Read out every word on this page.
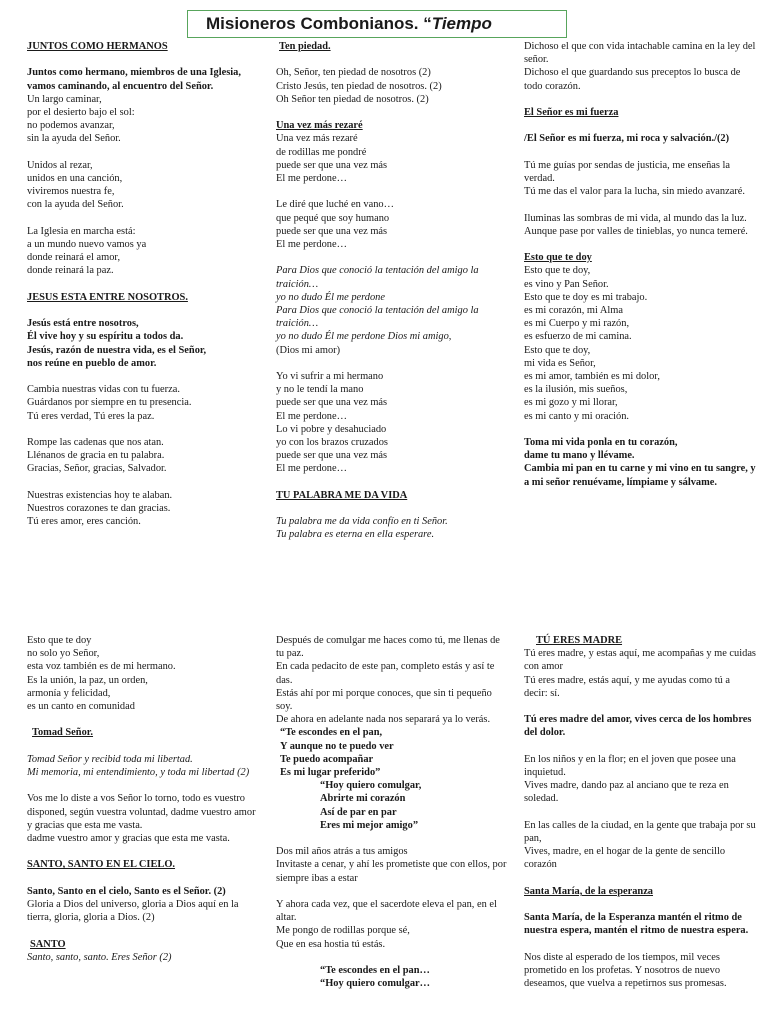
Misioneros Combonianos. “Tiempo

JUNTOS COMO HERMANOS

Juntos como hermano, miembros de una Iglesia, vamos caminando, al encuentro del Señor.

Un largo caminar,
por el desierto bajo el sol:
no podemos avanzar,
sin la ayuda del Señor.

Unidos al rezar,
unidos en una canción,
viviremos nuestra fe,
con la ayuda del Señor.

La Iglesia en marcha está:
a un mundo nuevo vamos ya
donde reinará el amor,
donde reinará la paz.

JESUS ESTA ENTRE NOSOTROS.

Jesús está entre nosotros,
Él vive hoy y su espíritu a todos da.
Jesús, razón de nuestra vida, es el Señor,
nos reúne en pueblo de amor.

Cambia nuestras vidas con tu fuerza.
Guárdanos por siempre en tu presencia.
Tú eres verdad, Tú eres la paz.

Rompe las cadenas que nos atan.
Llénanos de gracia en tu palabra.
Gracias, Señor, gracias, Salvador.

Nuestras existencias hoy te alaban.
Nuestros corazones te dan gracias.
Tú eres amor, eres canción.

Ten piedad.

Oh, Señor, ten piedad de nosotros (2)
Cristo Jesús, ten piedad de nosotros. (2)
Oh Señor ten piedad de nosotros. (2)

Una vez más rezaré

Una vez más rezaré
de rodillas me pondré
puede ser que una vez más
El me perdone…

Le diré que luché en vano…
que pequé que soy humano
puede ser que una vez más
El me perdone…

Para Dios que conoció la tentación del amigo la traición…
yo no dudo Él me perdone
Para Dios que conoció la tentación del amigo la traición…
yo no dudo Él me perdone Dios mi amigo,

(Dios mi amor)

Yo vi sufrir a mi hermano
y no le tendí la mano
puede ser que una vez más
El me perdone…
Lo vi pobre y desahuciado
yo con los brazos cruzados
puede ser que una vez más
El me perdone…

TU PALABRA ME DA VIDA

Tu palabra me da vida confío en ti Señor.
Tu palabra es eterna en ella esperare.

Dichoso el que con vida intachable camina en la ley del señor.
Dichoso el que guardando sus preceptos lo busca de todo corazón.

El Señor es mi fuerza

/El Señor es mi fuerza, mi roca y salvación./(2)

Tú me guías por sendas de justicia, me enseñas la verdad.
Tú me das el valor para la lucha, sin miedo avanzaré.

Iluminas las sombras de mi vida, al mundo das la luz.
Aunque pase por valles de tinieblas, yo nunca temeré.

Esto que te doy

Esto que te doy,
es vino y Pan Señor.
Esto que te doy es mi trabajo.
es mi corazón, mi Alma
es mi Cuerpo y mi razón,
es esfuerzo de mi camina.
Esto que te doy,
mi vida es Señor,
es mi amor, también es mi dolor,
es la ilusión, mis sueños,
es mi gozo y mi llorar,
es mi canto y mi oración.

Toma mi vida ponla en tu corazón,
dame tu mano y llévame.
Cambia mi pan en tu carne y mi vino en tu sangre, y a mi señor renuévame, límpiame y sálvame.

Esto que te doy
no solo yo Señor,
esta voz también es de mi hermano.
Es la unión, la paz, un orden,
armonía y felicidad,
es un canto en comunidad

Tomad Señor.

Tomad Señor y recibid toda mi libertad.
Mi memoria, mi entendimiento, y toda mi libertad (2)

Vos me lo diste a vos Señor lo torno, todo es vuestro disponed, según vuestra voluntad, dadme vuestro amor y gracias que esta me vasta.
dadme vuestro amor y gracias que esta me vasta.

SANTO, SANTO EN EL CIELO.

Santo, Santo en el cielo, Santo es el Señor. (2)

Gloria a Dios del universo, gloria a Dios aquí en la tierra, gloria, gloria a Dios. (2)

SANTO

Santo, santo, santo. Eres Señor (2)

Después de comulgar me haces como tú, me llenas de tu paz.
En cada pedacito de este pan, completo estás y así te das.
Estás ahí por mi porque conoces, que sin ti pequeño soy.
De ahora en adelante nada nos separará ya lo verás.

“Te escondes en el pan,
Y aunque no te puedo ver
Te puedo acompañar
Es mi lugar preferido”

“Hoy quiero comulgar,
Abrirte mi corazón
Así de par en par
Eres mi mejor amigo”

Dos mil años atrás a tus amigos
Invitaste a cenar, y ahí les prometiste que con ellos, por siempre ibas a estar

Y ahora cada vez, que el sacerdote eleva el pan, en el altar.
Me pongo de rodillas porque sé,
Que en esa hostia tú estás.

“Te escondes en el pan…
“Hoy quiero comulgar…

TÚ ERES MADRE

Tú eres madre, y estas aquí, me acompañas y me cuidas con amor
Tú eres madre, estás aquí, y me ayudas como tú a decir: sí.

Tú eres madre del amor, vives cerca de los hombres del dolor.

En los niños y en la flor; en el joven que posee una inquietud.
Vives madre, dando paz al anciano que te reza en soledad.

En las calles de la ciudad, en la gente que trabaja por su pan,
Vives, madre, en el hogar de la gente de sencillo corazón

Santa María, de la esperanza

Santa María, de la Esperanza mantén el ritmo de nuestra espera, mantén el ritmo de nuestra espera.

Nos diste al esperado de los tiempos, mil veces prometido en los profetas. Y nosotros de nuevo deseamos, que vuelva a repetirnos sus promesas.
